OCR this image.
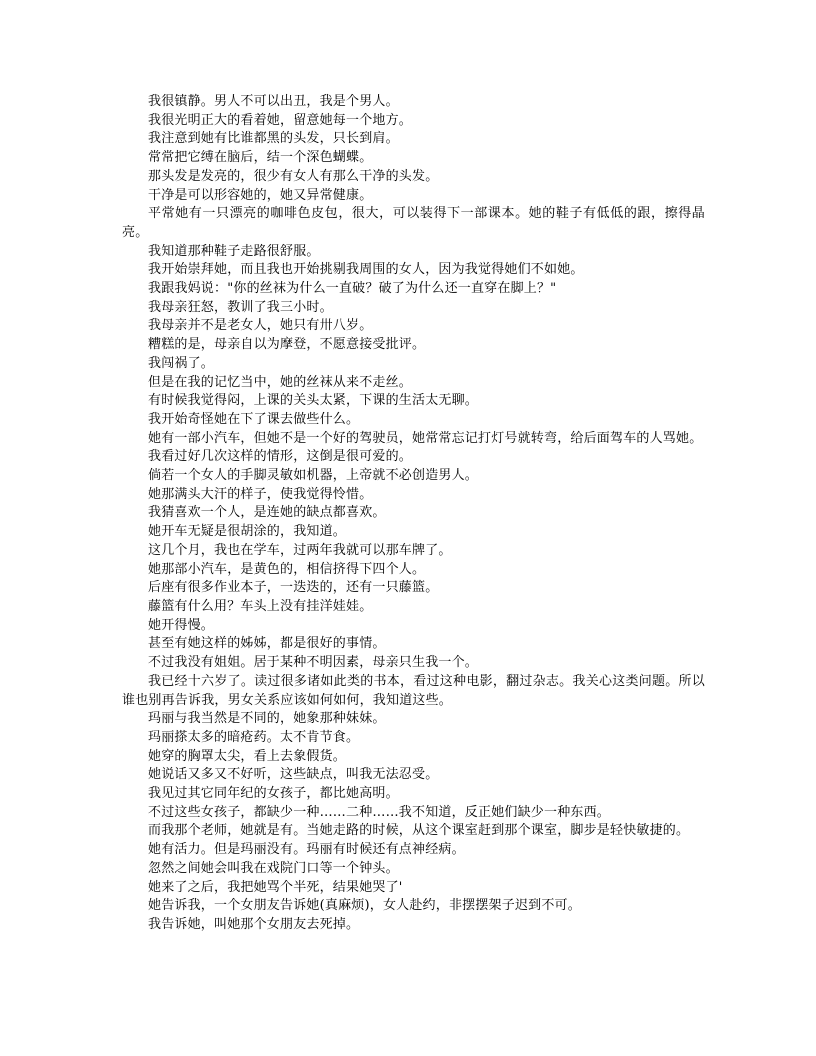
我很镇静。男人不可以出丑，我是个男人。

我很光明正大的看着她，留意她每一个地方。

我注意到她有比谁都黑的头发，只长到肩。

常常把它缚在脑后，结一个深色蝴蝶。

那头发是发亮的，很少有女人有那么干净的头发。

干净是可以形容她的，她又异常健康。

平常她有一只漂亮的咖啡色皮包，很大，可以装得下一部课本。她的鞋子有低低的跟，擦得晶亮。

我知道那种鞋子走路很舒服。

我开始崇拜她，而且我也开始挑剔我周围的女人，因为我觉得她们不如她。

我跟我妈说："你的丝袜为什么一直破？破了为什么还一直穿在脚上？"

我母亲狂怒，教训了我三小时。

我母亲并不是老女人，她只有卅八岁。

糟糕的是，母亲自以为摩登，不愿意接受批评。

我闯祸了。

但是在我的记忆当中，她的丝袜从来不走丝。

有时候我觉得闷，上课的关头太紧，下课的生活太无聊。

我开始奇怪她在下了课去做些什么。

她有一部小汽车，但她不是一个好的驾驶员，她常常忘记打灯号就转弯，给后面驾车的人骂她。

我看过好几次这样的情形，这倒是很可爱的。

倘若一个女人的手脚灵敏如机器，上帝就不必创造男人。

她那满头大汗的样子，使我觉得怜惜。

我猜喜欢一个人，是连她的缺点都喜欢。

她开车无疑是很胡涂的，我知道。

这几个月，我也在学车，过两年我就可以那车牌了。

她那部小汽车，是黄色的，相信挤得下四个人。

后座有很多作业本子，一迭迭的，还有一只藤篮。

藤篮有什么用？车头上没有挂洋娃娃。

她开得慢。

甚至有她这样的姊姊，都是很好的事情。

不过我没有姐姐。居于某种不明因素，母亲只生我一个。

我已经十六岁了。读过很多诸如此类的书本，看过这种电影，翻过杂志。我关心这类问题。所以谁也别再告诉我，男女关系应该如何如何，我知道这些。

玛丽与我当然是不同的，她象那种妹妹。

玛丽搽太多的暗疮药。太不肯节食。

她穿的胸罩太尖，看上去象假货。

她说话又多又不好听，这些缺点，叫我无法忍受。

我见过其它同年纪的女孩子，都比她高明。

不过这些女孩子，都缺少一种……二种……我不知道，反正她们缺少一种东西。

而我那个老师，她就是有。当她走路的时候，从这个课室赶到那个课室，脚步是轻快敏捷的。

她有活力。但是玛丽没有。玛丽有时候还有点神经病。

忽然之间她会叫我在戏院门口等一个钟头。

她来了之后，我把她骂个半死，结果她哭了'

她告诉我，一个女朋友告诉她(真麻烦)，女人赴约，非摆摆架子迟到不可。

我告诉她，叫她那个女朋友去死掉。
